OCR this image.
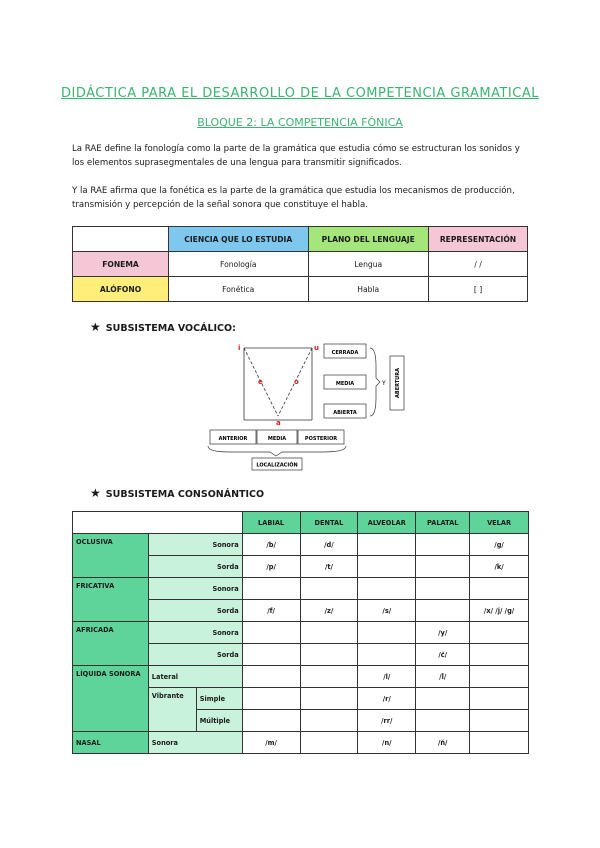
DIDÁCTICA PARA EL DESARROLLO DE LA COMPETENCIA GRAMATICAL
BLOQUE 2: LA COMPETENCIA FÓNICA
La RAE define la fonología como la parte de la gramática que estudia cómo se estructuran los sonidos y los elementos suprasegmentales de una lengua para transmitir significados.
Y la RAE afirma que la fonética es la parte de la gramática que estudia los mecanismos de producción, transmisión y percepción de la señal sonora que constituye el habla.
	CIENCIA QUE LO ESTUDIA	PLANO DEL LENGUAJE	REPRESENTACIÓN
FONEMA	Fonología	Lengua	/ /
ALÓFONO	Fonética	Habla	[ ]
★ SUBSISTEMA VOCÁLICO:
i	u
e	o
a
CERRADA
MEDIA
ABIERTA
Y ABERTURA
ANTERIOR	MEDIA	POSTERIOR
LOCALIZACIÓN
★ SUBSISTEMA CONSONÁNTICO
			LABIAL	DENTAL	ALVEOLAR	PALATAL	VELAR
OCLUSIVA	Sonora		/b/	/d/			/g/
	Sorda		/p/	/t/			/k/
FRICATIVA	Sonora						
	Sorda		/f/	/z/	/s/		/x/ /j/ /g/
AFRICADA	Sonora					/y/	
	Sorda					/c̆/	
LÍQUIDA SONORA	Lateral				/l/	/l̆/	
	Vibrante	Simple			/r/		
		Múltiple			/rr/		
NASAL	Sonora		/m/		/n/	/n̆/	
